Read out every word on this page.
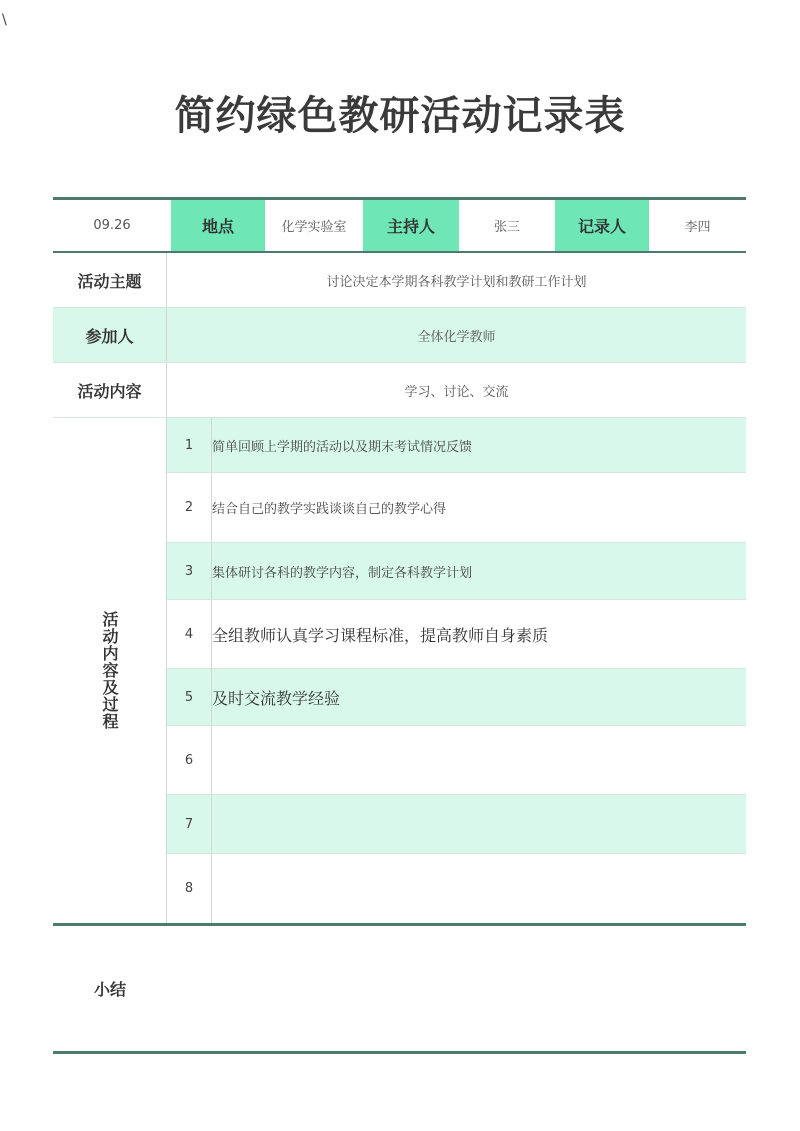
\
简约绿色教研活动记录表
09.26	地点	化学实验室	主持人	张三	记录人	李四
活动主题	讨论决定本学期各科教学计划和教研工作计划
参加人	全体化学教师
活动内容	学习、讨论、交流
活动内容及过程
1	简单回顾上学期的活动以及期末考试情况反馈
2	结合自己的教学实践谈谈自己的教学心得
3	集体研讨各科的教学内容，制定各科教学计划
4	全组教师认真学习课程标准，提高教师自身素质
5	及时交流教学经验
6
7
8
小结
